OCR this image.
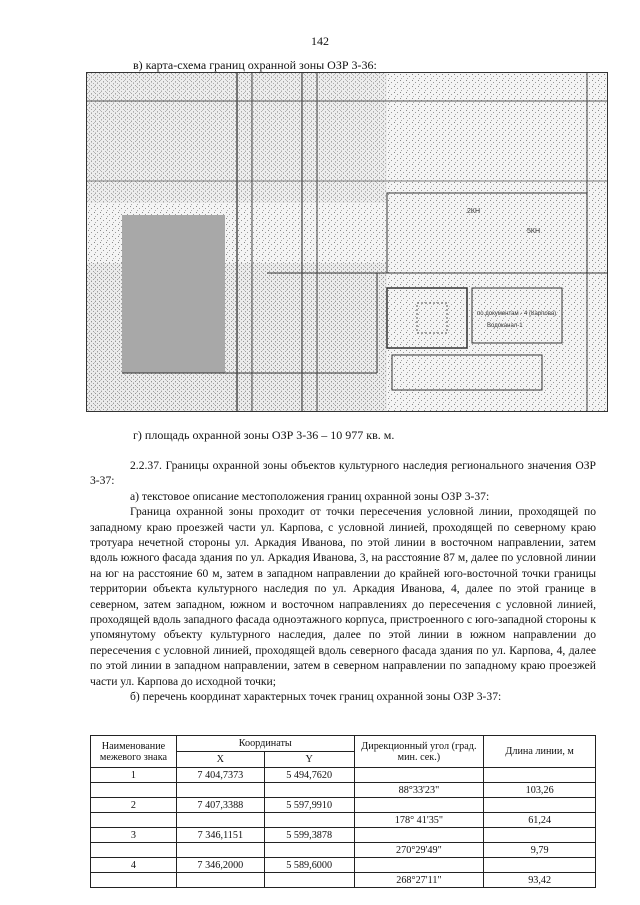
142
в) карта-схема границ охранной зоны ОЗР 3-36:
2КН
5КН
по документам - 4 (Карпова)
Водоканал-1
г) площадь охранной зоны ОЗР 3-36 – 10 977 кв. м.

2.2.37. Границы охранной зоны объектов культурного наследия регионального значения ОЗР 3-37:

а) текстовое описание местоположения границ охранной зоны ОЗР 3-37:

Граница охранной зоны проходит от точки пересечения условной линии, проходящей по западному краю проезжей части ул. Карпова, с условной линией, проходящей по северному краю тротуара нечетной стороны ул. Аркадия Иванова, по этой линии в восточном направлении, затем вдоль южного фасада здания по ул. Аркадия Иванова, 3, на расстояние 87 м, далее по условной линии на юг на расстояние 60 м, затем в западном направлении до крайней юго-восточной точки границы территории объекта культурного наследия по ул. Аркадия Иванова, 4, далее по этой границе в северном, затем западном, южном и восточном направлениях до пересечения с условной линией, проходящей вдоль западного фасада одноэтажного корпуса, пристроенного с юго-западной стороны к упомянутому объекту культурного наследия, далее по этой линии в южном направлении до пересечения с условной линией, проходящей вдоль северного фасада здания по ул. Карпова, 4, далее по этой линии в западном направлении, затем в северном направлении по западному краю проезжей части ул. Карпова до исходной точки;

б) перечень координат характерных точек границ охранной зоны ОЗР 3-37:

Наименование межевого знака	Координаты		Дирекционный угол (град. мин. сек.)	Длина линии, м
	X	Y		
1	7 404,7373	5 494,7620		
			88°33'23"	103,26
2	7 407,3388	5 597,9910		
			178° 41'35"	61,24
3	7 346,1151	5 599,3878		
			270°29'49"	9,79
4	7 346,2000	5 589,6000		
			268°27'11"	93,42
